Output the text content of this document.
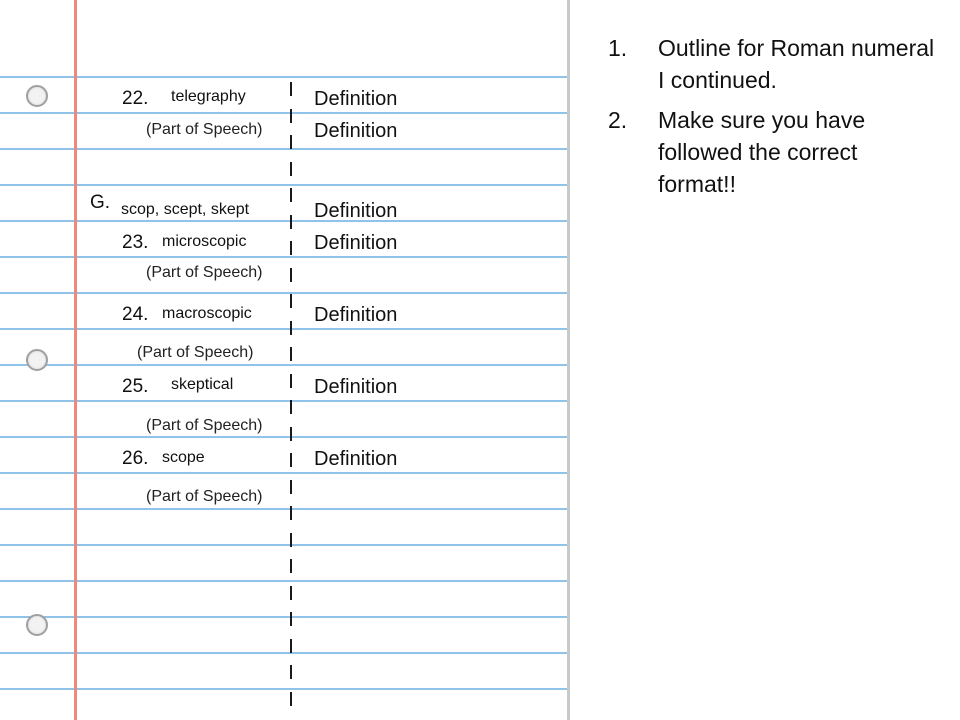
22. telegraphy
(Part of Speech)
Definition
Definition
G. scop, scept, skept	Definition
23. microscopic
(Part of Speech)
Definition
24. macroscopic
(Part of Speech)
Definition
25. skeptical
(Part of Speech)
Definition
26. scope
(Part of Speech)
Definition
1. Outline for Roman numeral I continued.
2. Make sure you have followed the correct format!!
